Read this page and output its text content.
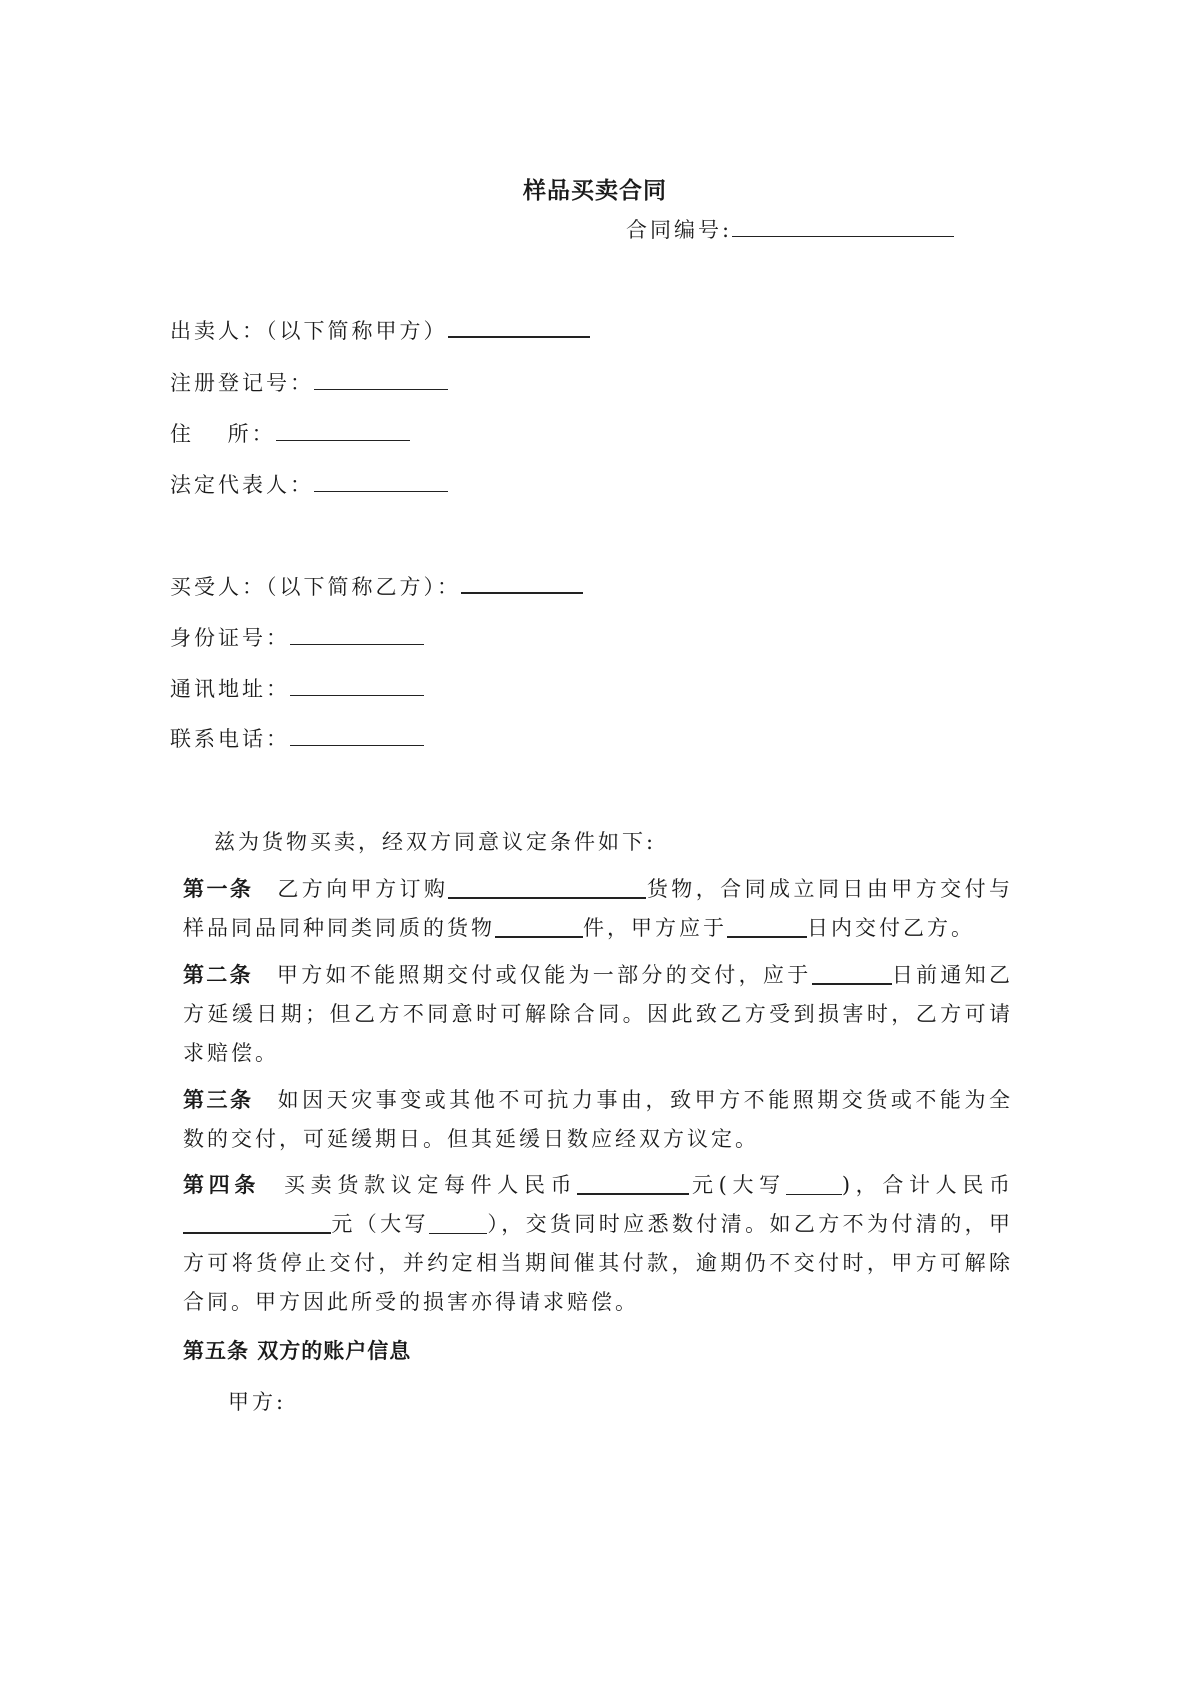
样品买卖合同
合同编号:
出卖人：（以下简称甲方）
注册登记号：
住　 所：
法定代表人：
买受人：（以下简称乙方）：
身份证号：
通讯地址：
联系电话：
兹为货物买卖，经双方同意议定条件如下:
第一条 乙方向甲方订购	货物，合同成立同日由甲方交付与样品同品同种同类同质的货物	件，甲方应于	日内交付乙方。
第二条 甲方如不能照期交付或仅能为一部分的交付，应于	日前通知乙方延缓日期；但乙方不同意时可解除合同。因此致乙方受到损害时，乙方可请求赔偿。
第三条 如因天灾事变或其他不可抗力事由，致甲方不能照期交货或不能为全数的交付，可延缓期日。但其延缓日数应经双方议定。
第四条 买卖货款议定每件人民币	元(大写	)，合计人民币元（大写	），交货同时应悉数付清。如乙方不为付清的，甲方可将货停止交付，并约定相当期间催其付款，逾期仍不交付时，甲方可解除合同。甲方因此所受的损害亦得请求赔偿。
第五条 双方的账户信息
甲方:
